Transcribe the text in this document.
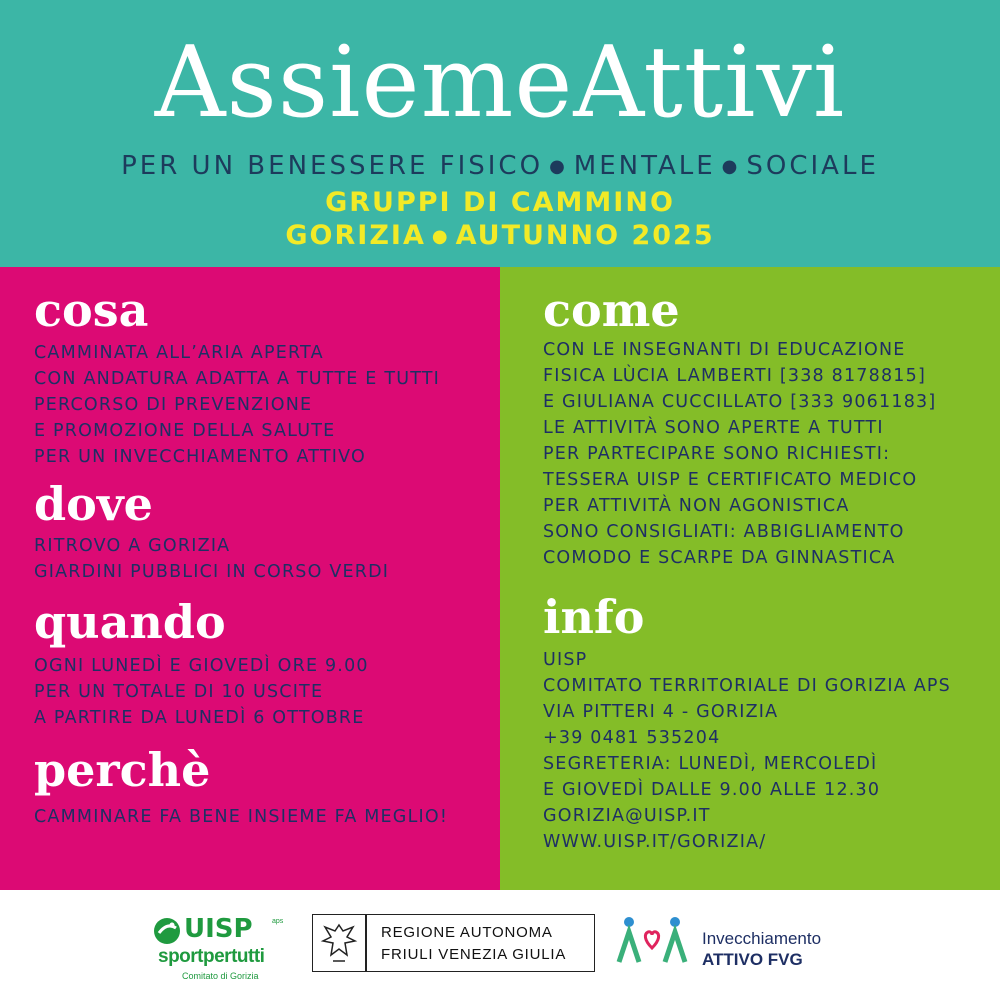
AssiemeAttivi
PER UN BENESSERE FISICO ● MENTALE ● SOCIALE
GRUPPI DI CAMMINO
GORIZIA ● AUTUNNO 2025
cosa
CAMMINATA ALL’ARIA APERTA
CON ANDATURA ADATTA A TUTTE E TUTTI
PERCORSO DI PREVENZIONE
E PROMOZIONE DELLA SALUTE
PER UN INVECCHIAMENTO ATTIVO
dove
RITROVO A GORIZIA
GIARDINI PUBBLICI IN CORSO VERDI
quando
OGNI LUNEDÌ E GIOVEDÌ ORE 9.00
PER UN TOTALE DI 10 USCITE
A PARTIRE DA LUNEDÌ 6 OTTOBRE
perchè
CAMMINARE FA BENE INSIEME FA MEGLIO!
come
CON LE INSEGNANTI DI EDUCAZIONE
FISICA LÙCIA LAMBERTI [338 8178815]
E GIULIANA CUCCILLATO [333 9061183]
LE ATTIVITÀ SONO APERTE A TUTTI
PER PARTECIPARE SONO RICHIESTI:
TESSERA UISP E CERTIFICATO MEDICO
PER ATTIVITÀ NON AGONISTICA
SONO CONSIGLIATI: ABBIGLIAMENTO
COMODO E SCARPE DA GINNASTICA
info
UISP
COMITATO TERRITORIALE DI GORIZIA APS
VIA PITTERI 4 - GORIZIA
+39 0481 535204
SEGRETERIA: LUNEDÌ, MERCOLEDÌ
E GIOVEDÌ DALLE 9.00 ALLE 12.30
GORIZIA@UISP.IT
WWW.UISP.IT/GORIZIA/
UISP	aps
sportpertutti
Comitato di Gorizia
REGIONE AUTONOMA
FRIULI VENEZIA GIULIA
Invecchiamento
ATTIVO FVG
